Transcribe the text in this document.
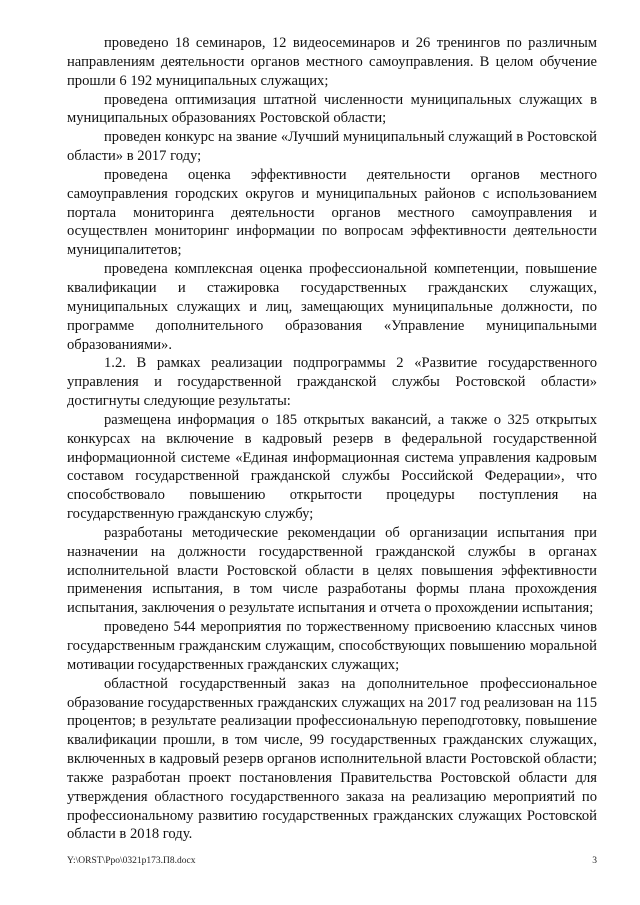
проведено 18 семинаров, 12 видеосеминаров и 26 тренингов по различным направлениям деятельности органов местного самоуправления. В целом обучение прошли 6 192 муниципальных служащих;

проведена оптимизация штатной численности муниципальных служащих в муниципальных образованиях Ростовской области;

проведен конкурс на звание «Лучший муниципальный служащий в Ростовской области» в 2017 году;

проведена оценка эффективности деятельности органов местного самоуправления городских округов и муниципальных районов с использованием портала мониторинга деятельности органов местного самоуправления и осуществлен мониторинг информации по вопросам эффективности деятельности муниципалитетов;

проведена комплексная оценка профессиональной компетенции, повышение квалификации и стажировка государственных гражданских служащих, муниципальных служащих и лиц, замещающих муниципальные должности, по программе дополнительного образования «Управление муниципальными образованиями».

1.2. В рамках реализации подпрограммы 2 «Развитие государственного управления и государственной гражданской службы Ростовской области» достигнуты следующие результаты:

размещена информация о 185 открытых вакансий, а также о 325 открытых конкурсах на включение в кадровый резерв в федеральной государственной информационной системе «Единая информационная система управления кадровым составом государственной гражданской службы Российской Федерации», что способствовало повышению открытости процедуры поступления на государственную гражданскую службу;

разработаны методические рекомендации об организации испытания при назначении на должности государственной гражданской службы в органах исполнительной власти Ростовской области в целях повышения эффективности применения испытания, в том числе разработаны формы плана прохождения испытания, заключения о результате испытания и отчета о прохождении испытания;

проведено 544 мероприятия по торжественному присвоению классных чинов государственным гражданским служащим, способствующих повышению моральной мотивации государственных гражданских служащих;

областной государственный заказ на дополнительное профессиональное образование государственных гражданских служащих на 2017 год реализован на 115 процентов; в результате реализации профессиональную переподготовку, повышение квалификации прошли, в том числе, 99 государственных гражданских служащих, включенных в кадровый резерв органов исполнительной власти Ростовской области; также разработан проект постановления Правительства Ростовской области для утверждения областного государственного заказа на реализацию мероприятий по профессиональному развитию государственных гражданских служащих Ростовской области в 2018 году.

Y:\ORST\Ppo\0321p173.П8.docx	3
